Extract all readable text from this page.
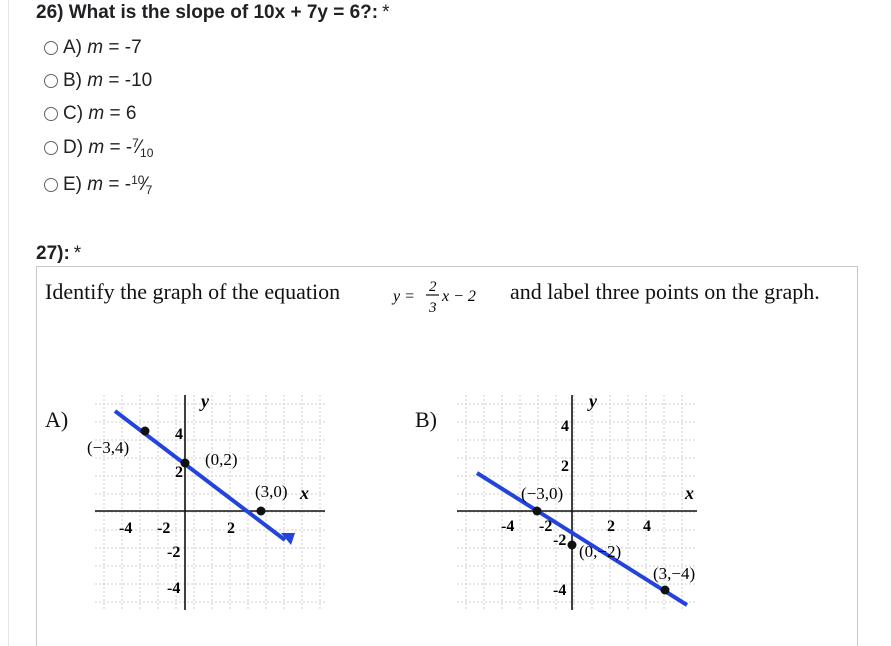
26) What is the slope of 10x + 7y = 6?: *
A) m = -7
B) m = -10
C) m = 6
D) $m = -^7⁄_{10}$
E) $m = -^{10}⁄_7$
27): *
Identify the graph of the equation	y =
2
3
x − 2 and label three points on the graph.
A)	B)
(−3,4)
(0,2)
(3,0) x
y
-4 -2	2
4
2
-2
-4
(−3,0)
(0,−2)
(3,−4)
x
y
-4 -2	2 4
4
2
-2
-4
